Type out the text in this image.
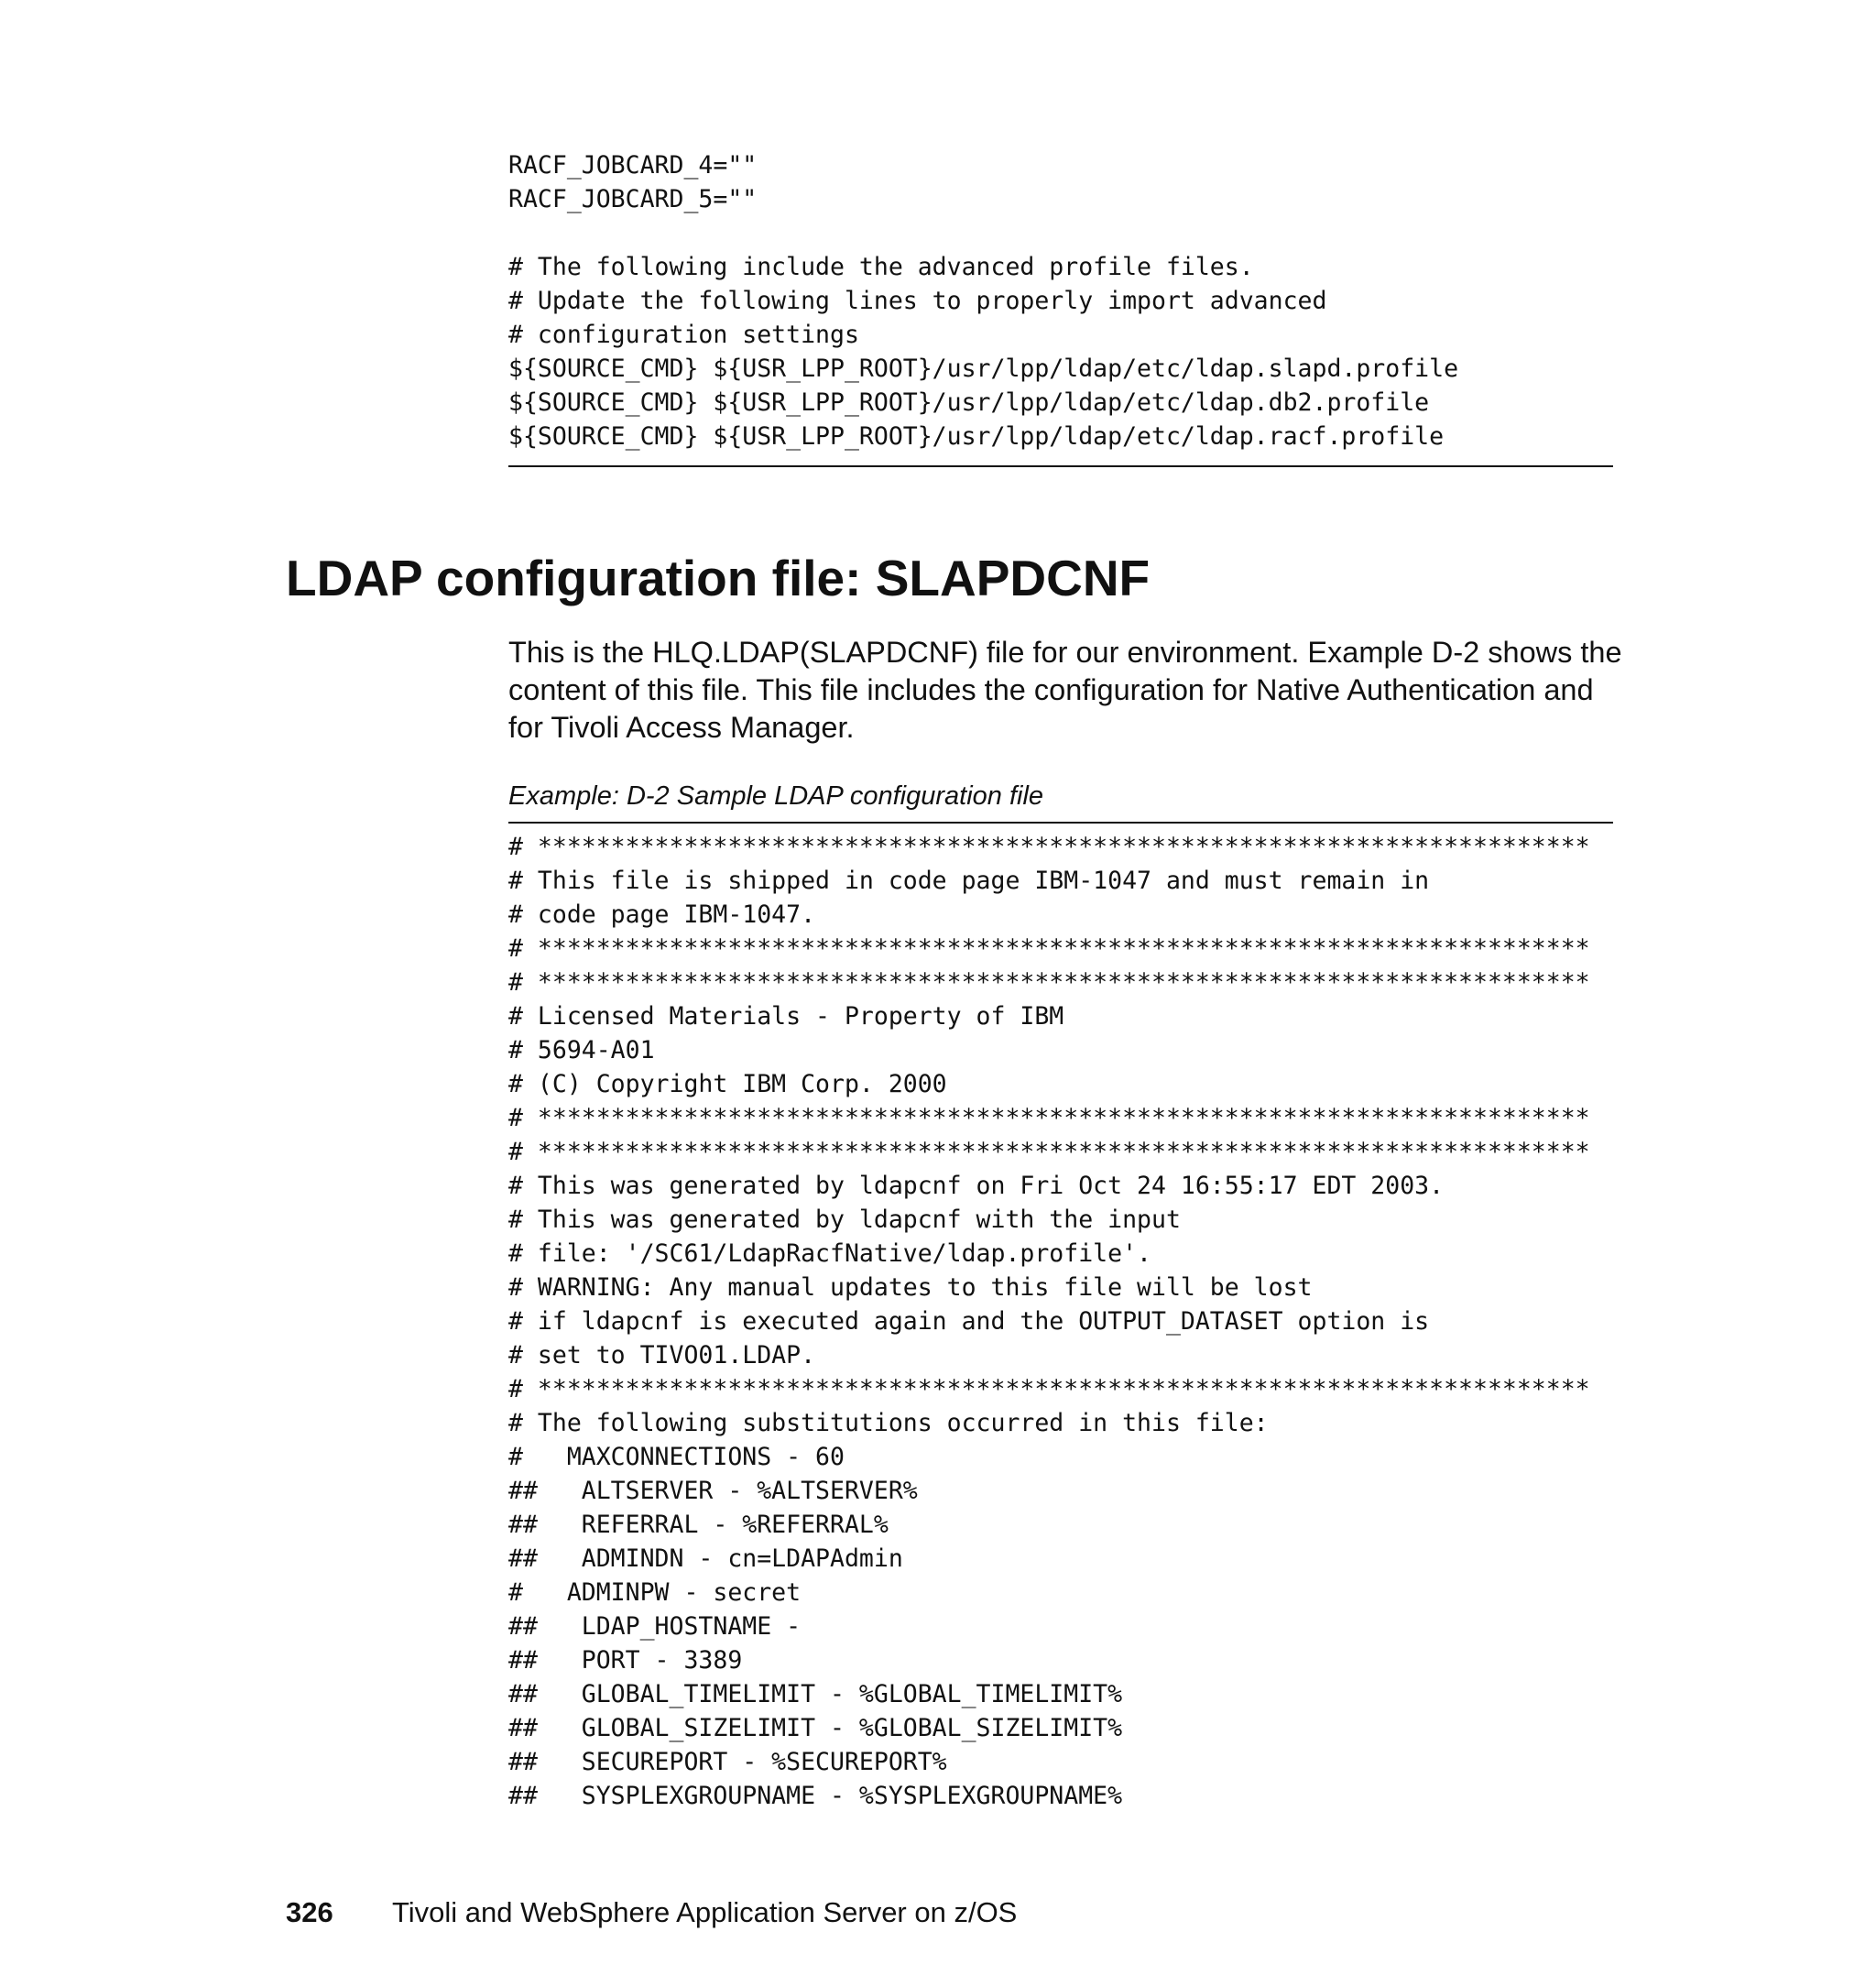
RACF_JOBCARD_4=""
RACF_JOBCARD_5=""

# The following include the advanced profile files.
# Update the following lines to properly import advanced
# configuration settings
${SOURCE_CMD} ${USR_LPP_ROOT}/usr/lpp/ldap/etc/ldap.slapd.profile
${SOURCE_CMD} ${USR_LPP_ROOT}/usr/lpp/ldap/etc/ldap.db2.profile
${SOURCE_CMD} ${USR_LPP_ROOT}/usr/lpp/ldap/etc/ldap.racf.profile
LDAP configuration file: SLAPDCNF

This is the HLQ.LDAP(SLAPDCNF) file for our environment. Example D-2 shows the content of this file. This file includes the configuration for Native Authentication and for Tivoli Access Manager.

Example: D-2 Sample LDAP configuration file

# ************************************************************************
# This file is shipped in code page IBM-1047 and must remain in
# code page IBM-1047.
# ************************************************************************
# ************************************************************************
# Licensed Materials - Property of IBM
# 5694-A01
# (C) Copyright IBM Corp. 2000
# ************************************************************************
# ************************************************************************
# This was generated by ldapcnf on Fri Oct 24 16:55:17 EDT 2003.
# This was generated by ldapcnf with the input
# file: '/SC61/LdapRacfNative/ldap.profile'.
# WARNING: Any manual updates to this file will be lost
# if ldapcnf is executed again and the OUTPUT_DATASET option is
# set to TIVO01.LDAP.
# ************************************************************************
# The following substitutions occurred in this file:
#   MAXCONNECTIONS - 60
##   ALTSERVER - %ALTSERVER%
##   REFERRAL - %REFERRAL%
##   ADMINDN - cn=LDAPAdmin
#   ADMINPW - secret
##   LDAP_HOSTNAME -
##   PORT - 3389
##   GLOBAL_TIMELIMIT - %GLOBAL_TIMELIMIT%
##   GLOBAL_SIZELIMIT - %GLOBAL_SIZELIMIT%
##   SECUREPORT - %SECUREPORT%
##   SYSPLEXGROUPNAME - %SYSPLEXGROUPNAME%
326 Tivoli and WebSphere Application Server on z/OS
